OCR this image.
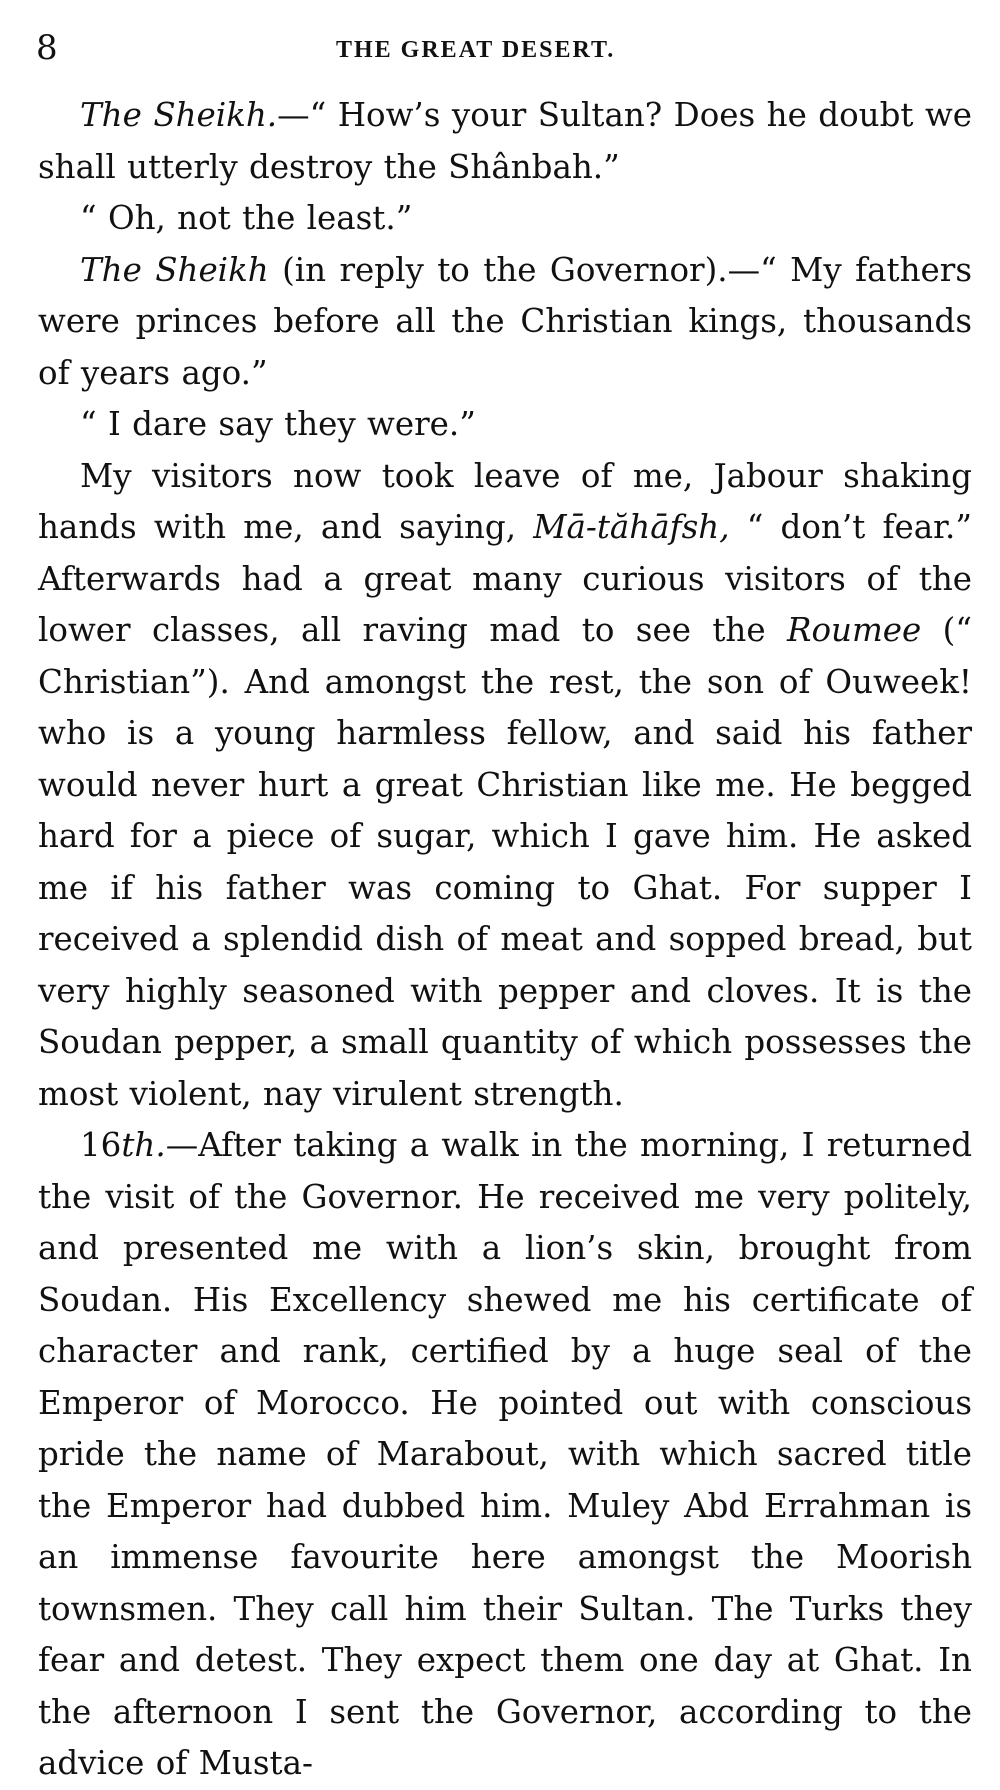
8	THE GREAT DESERT.

The Sheikh.—“ How’s your Sultan? Does he doubt we shall utterly destroy the Shânbah.”

“ Oh, not the least.”

The Sheikh (in reply to the Governor).—“ My fathers were princes before all the Christian kings, thousands of years ago.”

“ I dare say they were.”

My visitors now took leave of me, Jabour shaking hands with me, and saying, Mā-tăhāfsh, “ don’t fear.” Afterwards had a great many curious visitors of the lower classes, all raving mad to see the Roumee (“ Christian”). And amongst the rest, the son of Ouweek! who is a young harmless fellow, and said his father would never hurt a great Christian like me. He begged hard for a piece of sugar, which I gave him. He asked me if his father was coming to Ghat. For supper I received a splendid dish of meat and sopped bread, but very highly seasoned with pepper and cloves. It is the Soudan pepper, a small quantity of which possesses the most violent, nay virulent strength.

16th.—After taking a walk in the morning, I returned the visit of the Governor. He received me very politely, and presented me with a lion’s skin, brought from Soudan. His Excellency shewed me his certificate of character and rank, certified by a huge seal of the Emperor of Morocco. He pointed out with conscious pride the name of Marabout, with which sacred title the Emperor had dubbed him. Muley Abd Errahman is an immense favourite here amongst the Moorish townsmen. They call him their Sultan. The Turks they fear and detest. They expect them one day at Ghat. In the afternoon I sent the Governor, according to the advice of Musta-
